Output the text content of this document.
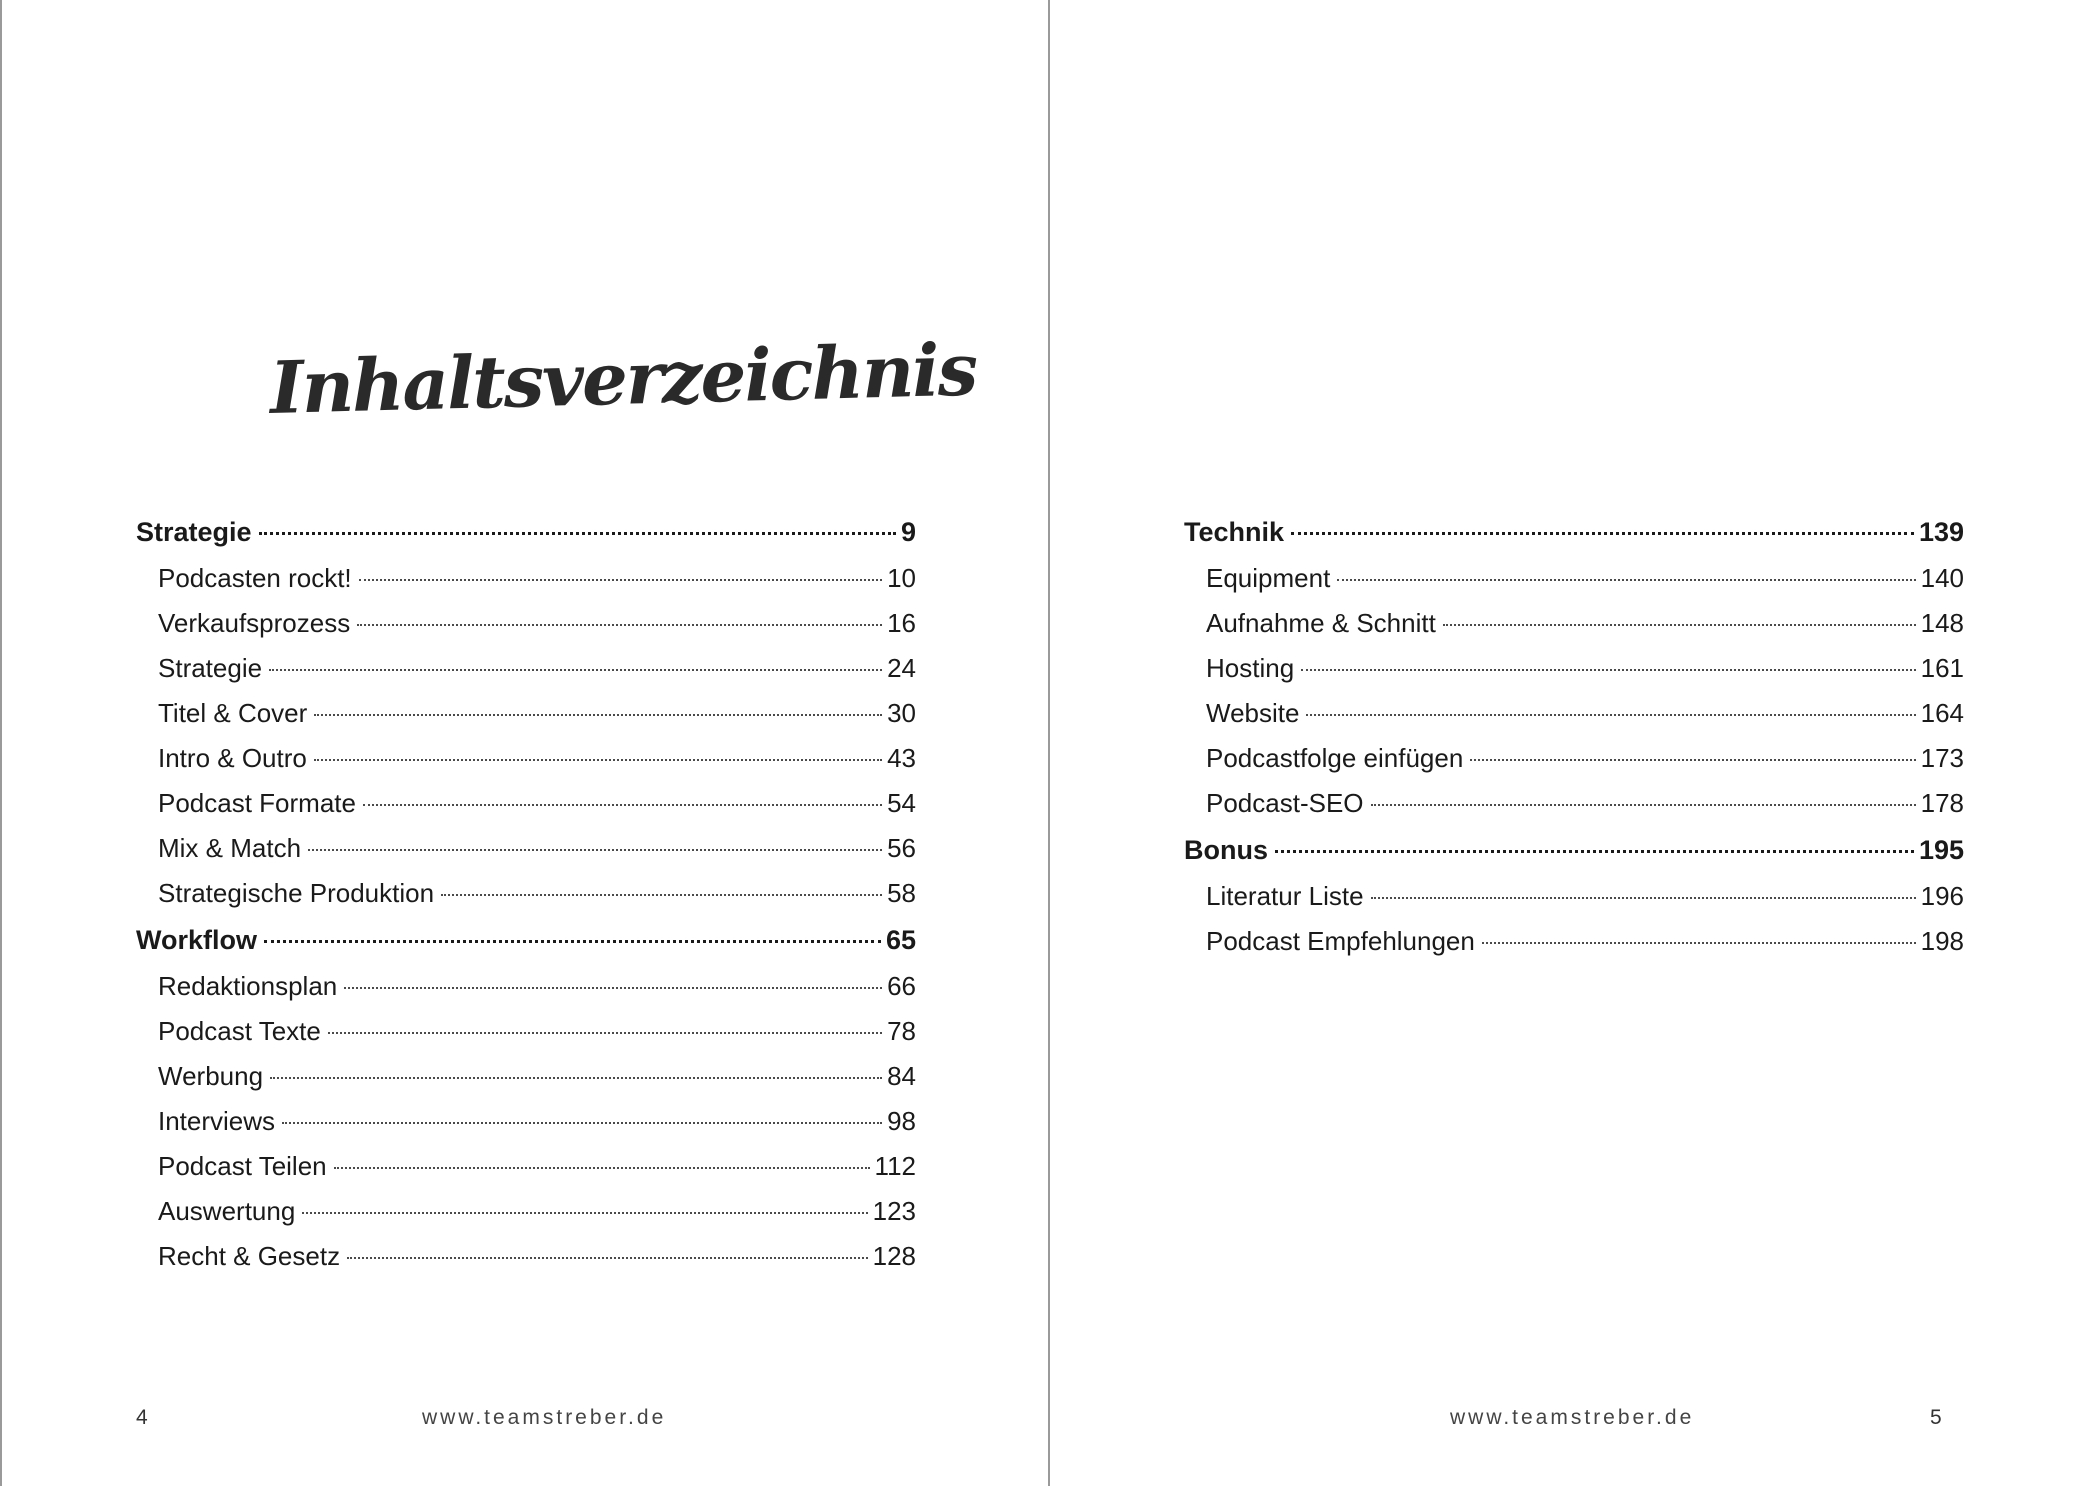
Inhaltsverzeichnis
Strategie	9
Podcasten rockt!	10
Verkaufsprozess	16
Strategie	24
Titel & Cover	30
Intro & Outro	43
Podcast Formate	54
Mix & Match	56
Strategische Produktion	58
Workflow	65
Redaktionsplan	66
Podcast Texte	78
Werbung	84
Interviews	98
Podcast Teilen	112
Auswertung	123
Recht & Gesetz	128
4	www.teamstreber.de
Technik	139
Equipment	140
Aufnahme & Schnitt	148
Hosting	161
Website	164
Podcastfolge einfügen	173
Podcast-SEO	178
Bonus	195
Literatur Liste	196
Podcast Empfehlungen	198
www.teamstreber.de	5
